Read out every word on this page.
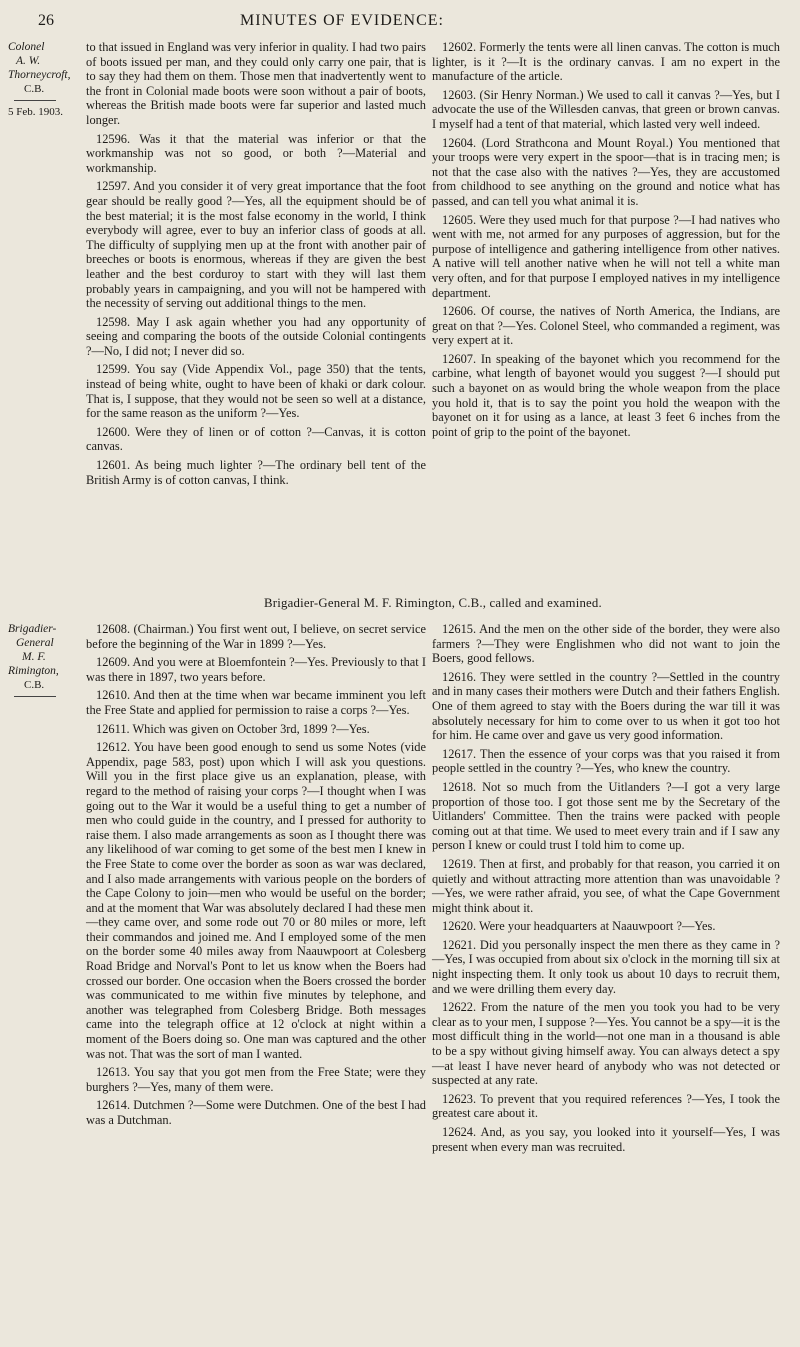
26	MINUTES OF EVIDENCE:
Colonel
A. W.
Thorneycroft,
C.B.
5 Feb. 1903.

to that issued in England was very inferior in quality. I had two pairs of boots issued per man, and they could only carry one pair, that is to say they had them on them. Those men that inadvertently went to the front in Colonial made boots were soon without a pair of boots, whereas the British made boots were far superior and lasted much longer.

12596. Was it that the material was inferior or that the workmanship was not so good, or both ?—Material and workmanship.

12597. And you consider it of very great importance that the foot gear should be really good ?—Yes, all the equipment should be of the best material; it is the most false economy in the world, I think everybody will agree, ever to buy an inferior class of goods at all. The difficulty of supplying men up at the front with another pair of breeches or boots is enormous, whereas if they are given the best leather and the best corduroy to start with they will last them probably years in campaigning, and you will not be hampered with the necessity of serving out additional things to the men.

12598. May I ask again whether you had any opportunity of seeing and comparing the boots of the outside Colonial contingents ?—No, I did not; I never did so.

12599. You say (Vide Appendix Vol., page 350) that the tents, instead of being white, ought to have been of khaki or dark colour. That is, I suppose, that they would not be seen so well at a distance, for the same reason as the uniform ?—Yes.

12600. Were they of linen or of cotton ?—Canvas, it is cotton canvas.

12601. As being much lighter ?—The ordinary bell tent of the British Army is of cotton canvas, I think.

12602. Formerly the tents were all linen canvas. The cotton is much lighter, is it ?—It is the ordinary canvas. I am no expert in the manufacture of the article.

12603. (Sir Henry Norman.) We used to call it canvas ?—Yes, but I advocate the use of the Willesden canvas, that green or brown canvas. I myself had a tent of that material, which lasted very well indeed.

12604. (Lord Strathcona and Mount Royal.) You mentioned that your troops were very expert in the spoor—that is in tracing men; is not that the case also with the natives ?—Yes, they are accustomed from childhood to see anything on the ground and notice what has passed, and can tell you what animal it is.

12605. Were they used much for that purpose ?—I had natives who went with me, not armed for any purposes of aggression, but for the purpose of intelligence and gathering intelligence from other natives. A native will tell another native when he will not tell a white man very often, and for that purpose I employed natives in my intelligence department.

12606. Of course, the natives of North America, the Indians, are great on that ?—Yes. Colonel Steel, who commanded a regiment, was very expert at it.

12607. In speaking of the bayonet which you recommend for the carbine, what length of bayonet would you suggest ?—I should put such a bayonet on as would bring the whole weapon from the place you hold it, that is to say the point you hold the weapon with the bayonet on it for using as a lance, at least 3 feet 6 inches from the point of grip to the point of the bayonet.

Brigadier-General M. F. Rimington, C.B., called and examined.
Brigadier-
General
M. F.
Rimington,
C.B.

12608. (Chairman.) You first went out, I believe, on secret service before the beginning of the War in 1899 ?—Yes.

12609. And you were at Bloemfontein ?—Yes. Previously to that I was there in 1897, two years before.

12610. And then at the time when war became imminent you left the Free State and applied for permission to raise a corps ?—Yes.

12611. Which was given on October 3rd, 1899 ?—Yes.

12612. You have been good enough to send us some Notes (vide Appendix, page 583, post) upon which I will ask you questions. Will you in the first place give us an explanation, please, with regard to the method of raising your corps ?—I thought when I was going out to the War it would be a useful thing to get a number of men who could guide in the country, and I pressed for authority to raise them. I also made arrangements as soon as I thought there was any likelihood of war coming to get some of the best men I knew in the Free State to come over the border as soon as war was declared, and I also made arrangements with various people on the borders of the Cape Colony to join—men who would be useful on the border; and at the moment that War was absolutely declared I had these men—they came over, and some rode out 70 or 80 miles or more, left their commandos and joined me. And I employed some of the men on the border some 40 miles away from Naauwpoort at Colesberg Road Bridge and Norval's Pont to let us know when the Boers had crossed our border. One occasion when the Boers crossed the border was communicated to me within five minutes by telephone, and another was telegraphed from Colesberg Bridge. Both messages came into the telegraph office at 12 o'clock at night within a moment of the Boers doing so. One man was captured and the other was not. That was the sort of man I wanted.

12613. You say that you got men from the Free State; were they burghers ?—Yes, many of them were.

12614. Dutchmen ?—Some were Dutchmen. One of the best I had was a Dutchman.

12615. And the men on the other side of the border, they were also farmers ?—They were Englishmen who did not want to join the Boers, good fellows.

12616. They were settled in the country ?—Settled in the country and in many cases their mothers were Dutch and their fathers English. One of them agreed to stay with the Boers during the war till it was absolutely necessary for him to come over to us when it got too hot for him. He came over and gave us very good information.

12617. Then the essence of your corps was that you raised it from people settled in the country ?—Yes, who knew the country.

12618. Not so much from the Uitlanders ?—I got a very large proportion of those too. I got those sent me by the Secretary of the Uitlanders' Committee. Then the trains were packed with people coming out at that time. We used to meet every train and if I saw any person I knew or could trust I told him to come up.

12619. Then at first, and probably for that reason, you carried it on quietly and without attracting more attention than was unavoidable ?—Yes, we were rather afraid, you see, of what the Cape Government might think about it.

12620. Were your headquarters at Naauwpoort ?—Yes.

12621. Did you personally inspect the men there as they came in ?—Yes, I was occupied from about six o'clock in the morning till six at night inspecting them. It only took us about 10 days to recruit them, and we were drilling them every day.

12622. From the nature of the men you took you had to be very clear as to your men, I suppose ?—Yes. You cannot be a spy—it is the most difficult thing in the world—not one man in a thousand is able to be a spy without giving himself away. You can always detect a spy—at least I have never heard of anybody who was not detected or suspected at any rate.

12623. To prevent that you required references ?—Yes, I took the greatest care about it.

12624. And, as you say, you looked into it yourself—Yes, I was present when every man was recruited.
